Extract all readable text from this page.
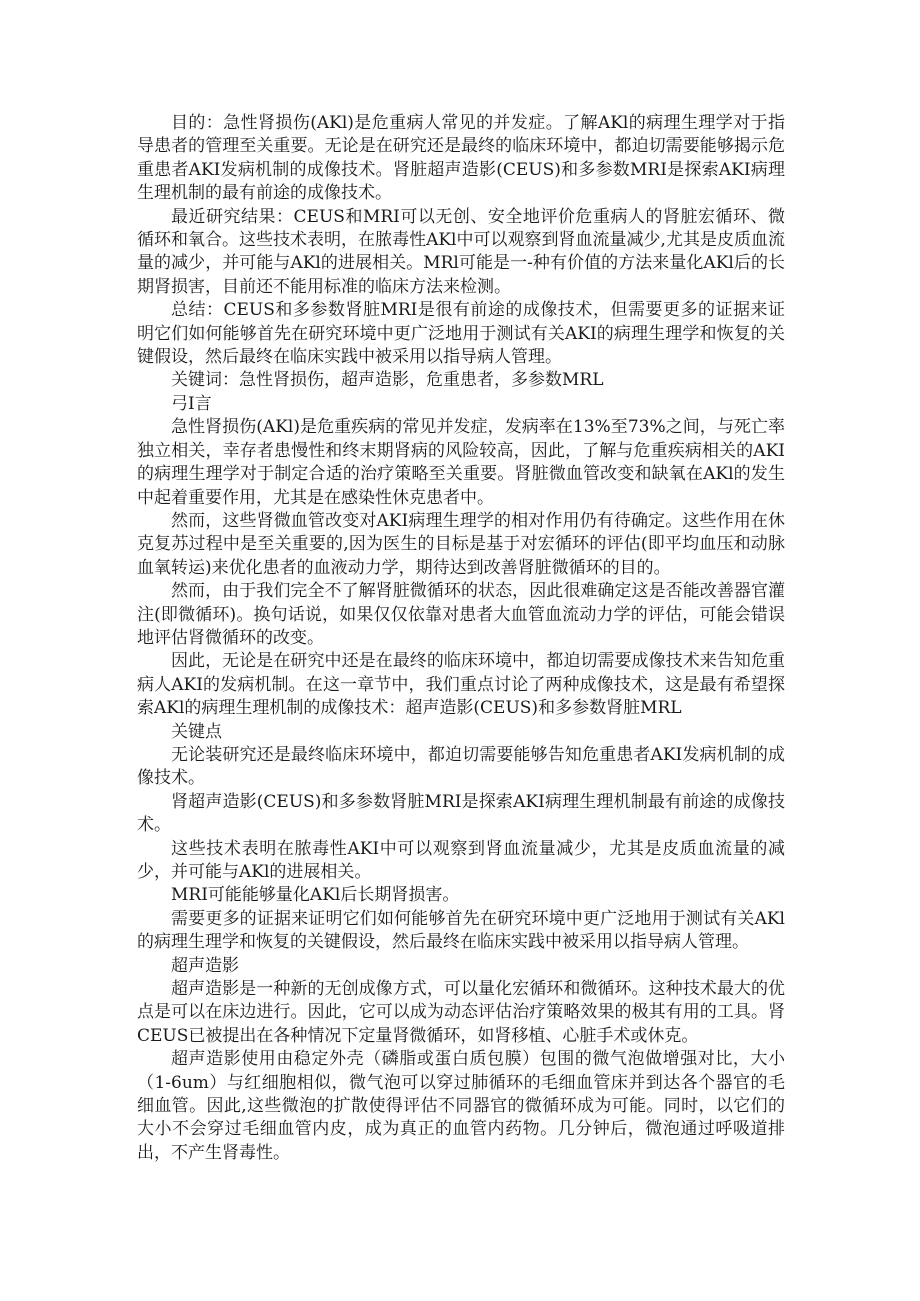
目的：急性肾损伤(AKl)是危重病人常见的并发症。了解AKl的病理生理学对于指导患者的管理至关重要。无论是在研究还是最终的临床环境中，都迫切需要能够揭示危重患者AKI发病机制的成像技术。肾脏超声造影(CEUS)和多参数MRI是探索AKI病理生理机制的最有前途的成像技术。

最近研究结果：CEUS和MRI可以无创、安全地评价危重病人的肾脏宏循环、微循环和氧合。这些技术表明，在脓毒性AKl中可以观察到肾血流量减少,尤其是皮质血流量的减少，并可能与AKl的进展相关。MRl可能是一-种有价值的方法来量化AKl后的长期肾损害，目前还不能用标准的临床方法来检测。

总结：CEUS和多参数肾脏MRI是很有前途的成像技术，但需要更多的证据来证明它们如何能够首先在研究环境中更广泛地用于测试有关AKI的病理生理学和恢复的关键假设，然后最终在临床实践中被采用以指导病人管理。

关键词：急性肾损伤，超声造影，危重患者，多参数MRL

弓I言

急性肾损伤(AKl)是危重疾病的常见并发症，发病率在13%至73%之间，与死亡率独立相关，幸存者患慢性和终末期肾病的风险较高，因此，了解与危重疾病相关的AKI的病理生理学对于制定合适的治疗策略至关重要。肾脏微血管改变和缺氧在AKl的发生中起着重要作用，尤其是在感染性休克患者中。

然而，这些肾微血管改变对AKI病理生理学的相对作用仍有待确定。这些作用在休克复苏过程中是至关重要的,因为医生的目标是基于对宏循环的评估(即平均血压和动脉血氧转运)来优化患者的血液动力学，期待达到改善肾脏微循环的目的。

然而，由于我们完全不了解肾脏微循环的状态，因此很难确定这是否能改善器官灌注(即微循环)。换句话说，如果仅仅依靠对患者大血管血流动力学的评估，可能会错误地评估肾微循环的改变。

因此，无论是在研究中还是在最终的临床环境中，都迫切需要成像技术来告知危重病人AKI的发病机制。在这一章节中，我们重点讨论了两种成像技术，这是最有希望探索AKl的病理生理机制的成像技术：超声造影(CEUS)和多参数肾脏MRL

关键点

无论装研究还是最终临床环境中，都迫切需要能够告知危重患者AKI发病机制的成像技术。

肾超声造影(CEUS)和多参数肾脏MRI是探索AKI病理生理机制最有前途的成像技术。

这些技术表明在脓毒性AKI中可以观察到肾血流量减少，尤其是皮质血流量的减少，并可能与AKl的进展相关。

MRI可能能够量化AKl后长期肾损害。

需要更多的证据来证明它们如何能够首先在研究环境中更广泛地用于测试有关AKl的病理生理学和恢复的关键假设，然后最终在临床实践中被采用以指导病人管理。

超声造影

超声造影是一种新的无创成像方式，可以量化宏循环和微循环。这种技术最大的优点是可以在床边进行。因此，它可以成为动态评估治疗策略效果的极其有用的工具。肾CEUS已被提出在各种情况下定量肾微循环，如肾移植、心脏手术或休克。

超声造影使用由稳定外壳（磷脂或蛋白质包膜）包围的微气泡做增强对比，大小（1-6um）与红细胞相似，微气泡可以穿过肺循环的毛细血管床并到达各个器官的毛细血管。因此,这些微泡的扩散使得评估不同器官的微循环成为可能。同时，以它们的大小不会穿过毛细血管内皮，成为真正的血管内药物。几分钟后，微泡通过呼吸道排出，不产生肾毒性。
